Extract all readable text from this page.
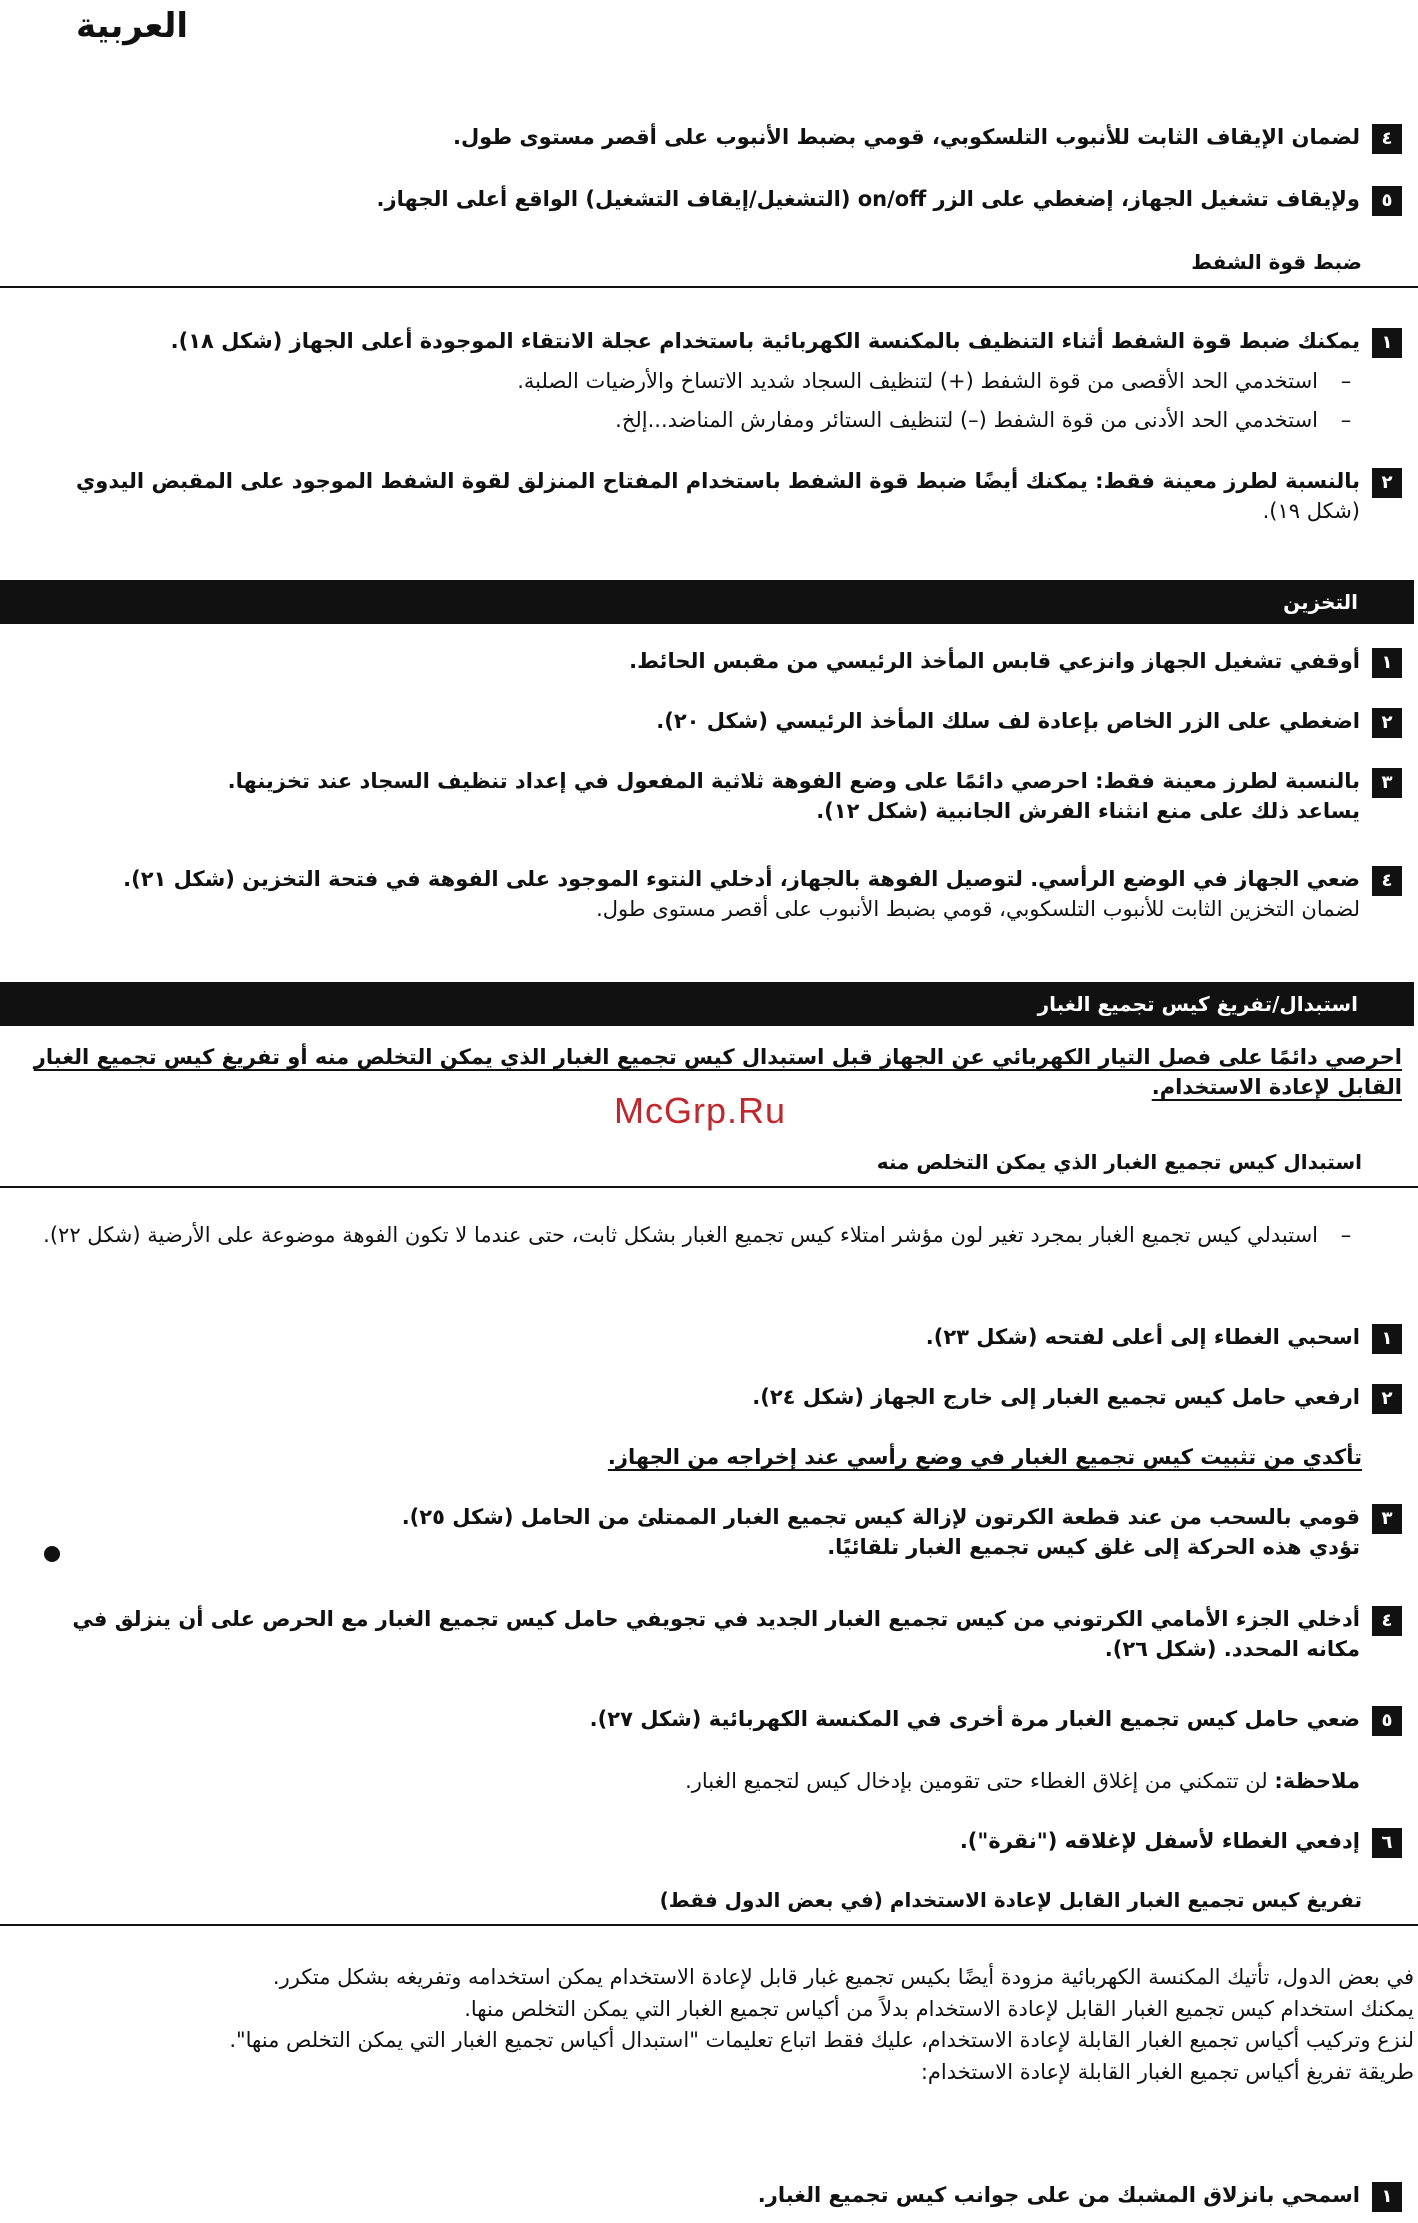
العربية
٤
لضمان الإيقاف الثابت للأنبوب التلسكوبي، قومي بضبط الأنبوب على أقصر مستوى طول.
٥
ولإيقاف تشغيل الجهاز، إضغطي على الزر on/off (التشغيل/إيقاف التشغيل) الواقع أعلى الجهاز.
ضبط قوة الشفط
١
يمكنك ضبط قوة الشفط أثناء التنظيف بالمكنسة الكهربائية باستخدام عجلة الانتقاء الموجودة أعلى الجهاز (شكل ١٨).
–
استخدمي الحد الأقصى من قوة الشفط (+) لتنظيف السجاد شديد الاتساخ والأرضيات الصلبة.
–
استخدمي الحد الأدنى من قوة الشفط (–) لتنظيف الستائر ومفارش المناضد...إلخ.
٢
بالنسبة لطرز معينة فقط: يمكنك أيضًا ضبط قوة الشفط باستخدام المفتاح المنزلق لقوة الشفط الموجود على المقبض اليدوي
(شكل ١٩).
التخزين
١
أوقفي تشغيل الجهاز وانزعي قابس المأخذ الرئيسي من مقبس الحائط.
٢
اضغطي على الزر الخاص بإعادة لف سلك المأخذ الرئيسي (شكل ٢٠).
٣
بالنسبة لطرز معينة فقط: احرصي دائمًا على وضع الفوهة ثلاثية المفعول في إعداد تنظيف السجاد عند تخزينها.
يساعد ذلك على منع انثناء الفرش الجانبية (شكل ١٢).
٤
ضعي الجهاز في الوضع الرأسي. لتوصيل الفوهة بالجهاز، أدخلي النتوء الموجود على الفوهة في فتحة التخزين (شكل ٢١).
لضمان التخزين الثابت للأنبوب التلسكوبي، قومي بضبط الأنبوب على أقصر مستوى طول.
استبدال/تفريغ كيس تجميع الغبار
احرصي دائمًا على فصل التيار الكهربائي عن الجهاز قبل استبدال كيس تجميع الغبار الذي يمكن التخلص منه أو تفريغ كيس تجميع الغبار
القابل لإعادة الاستخدام.
McGrp.Ru
استبدال كيس تجميع الغبار الذي يمكن التخلص منه
–
استبدلي كيس تجميع الغبار بمجرد تغير لون مؤشر امتلاء كيس تجميع الغبار بشكل ثابت، حتى عندما لا تكون الفوهة موضوعة على الأرضية (شكل ٢٢).
١
اسحبي الغطاء إلى أعلى لفتحه (شكل ٢٣).
٢
ارفعي حامل كيس تجميع الغبار إلى خارج الجهاز (شكل ٢٤).
تأكدي من تثبيت كيس تجميع الغبار في وضع رأسي عند إخراجه من الجهاز.
٣
قومي بالسحب من عند قطعة الكرتون لإزالة كيس تجميع الغبار الممتلئ من الحامل (شكل ٢٥).
تؤدي هذه الحركة إلى غلق كيس تجميع الغبار تلقائيًا.
٤
أدخلي الجزء الأمامي الكرتوني من كيس تجميع الغبار الجديد في تجويفي حامل كيس تجميع الغبار مع الحرص على أن ينزلق في
مكانه المحدد. (شكل ٢٦).
٥
ضعي حامل كيس تجميع الغبار مرة أخرى في المكنسة الكهربائية (شكل ٢٧).
ملاحظة: لن تتمكني من إغلاق الغطاء حتى تقومين بإدخال كيس لتجميع الغبار.
٦
إدفعي الغطاء لأسفل لإغلاقه ("نقرة").
تفريغ كيس تجميع الغبار القابل لإعادة الاستخدام (في بعض الدول فقط)
في بعض الدول، تأتيك المكنسة الكهربائية مزودة أيضًا بكيس تجميع غبار قابل لإعادة الاستخدام يمكن استخدامه وتفريغه بشكل متكرر.
يمكنك استخدام كيس تجميع الغبار القابل لإعادة الاستخدام بدلاً من أكياس تجميع الغبار التي يمكن التخلص منها.
لنزع وتركيب أكياس تجميع الغبار القابلة لإعادة الاستخدام، عليك فقط اتباع تعليمات "استبدال أكياس تجميع الغبار التي يمكن التخلص منها".
طريقة تفريغ أكياس تجميع الغبار القابلة لإعادة الاستخدام:
١
اسمحي بانزلاق المشبك من على جوانب كيس تجميع الغبار.
